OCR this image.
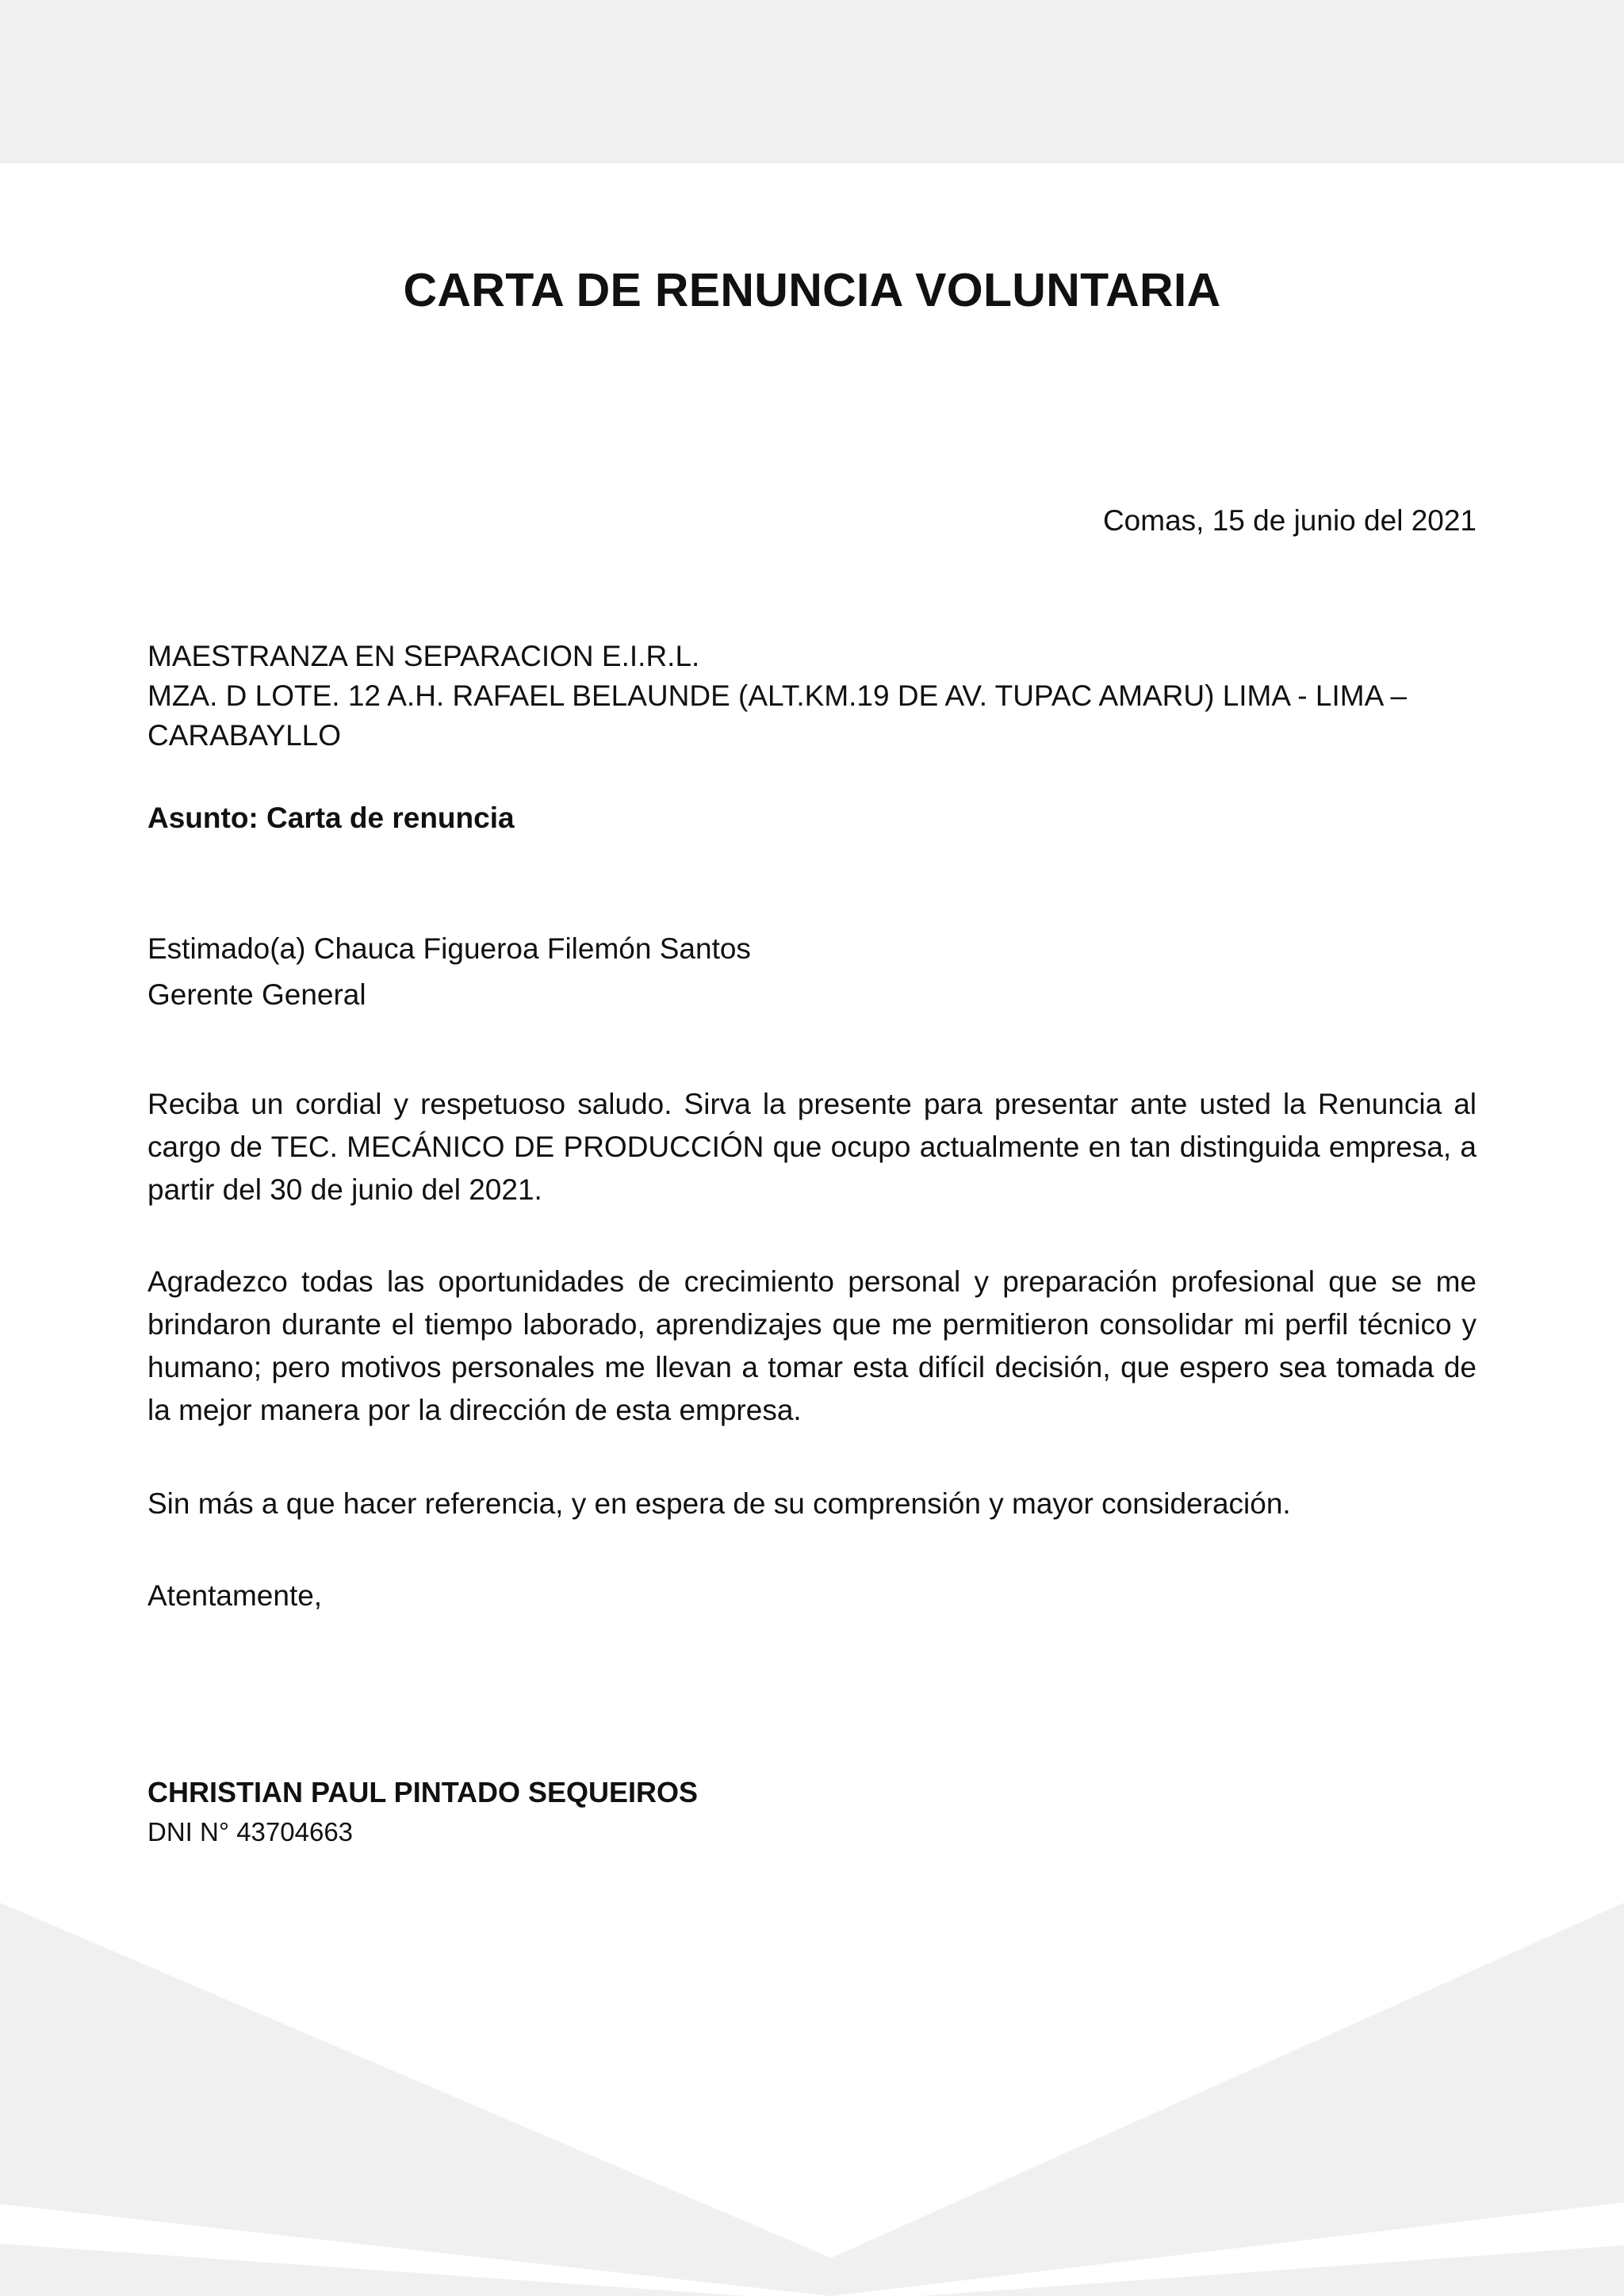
CARTA DE RENUNCIA VOLUNTARIA
Comas, 15 de junio del 2021

MAESTRANZA EN SEPARACION E.I.R.L.

MZA. D LOTE. 12 A.H. RAFAEL BELAUNDE (ALT.KM.19 DE AV. TUPAC AMARU) LIMA - LIMA – CARABAYLLO

Asunto: Carta de renuncia

Estimado(a) Chauca Figueroa Filemón Santos

Gerente General

Reciba un cordial y respetuoso saludo. Sirva la presente para presentar ante usted la Renuncia al cargo de TEC. MECÁNICO DE PRODUCCIÓN que ocupo actualmente en tan distinguida empresa, a partir del 30 de junio del 2021.
Agradezco todas las oportunidades de crecimiento personal y preparación profesional que se me brindaron durante el tiempo laborado, aprendizajes que me permitieron consolidar mi perfil técnico y humano; pero motivos personales me llevan a tomar esta difícil decisión, que espero sea tomada de la mejor manera por la dirección de esta empresa.
Sin más a que hacer referencia, y en espera de su comprensión y mayor consideración.
Atentamente,
CHRISTIAN PAUL PINTADO SEQUEIROS
DNI N° 43704663
